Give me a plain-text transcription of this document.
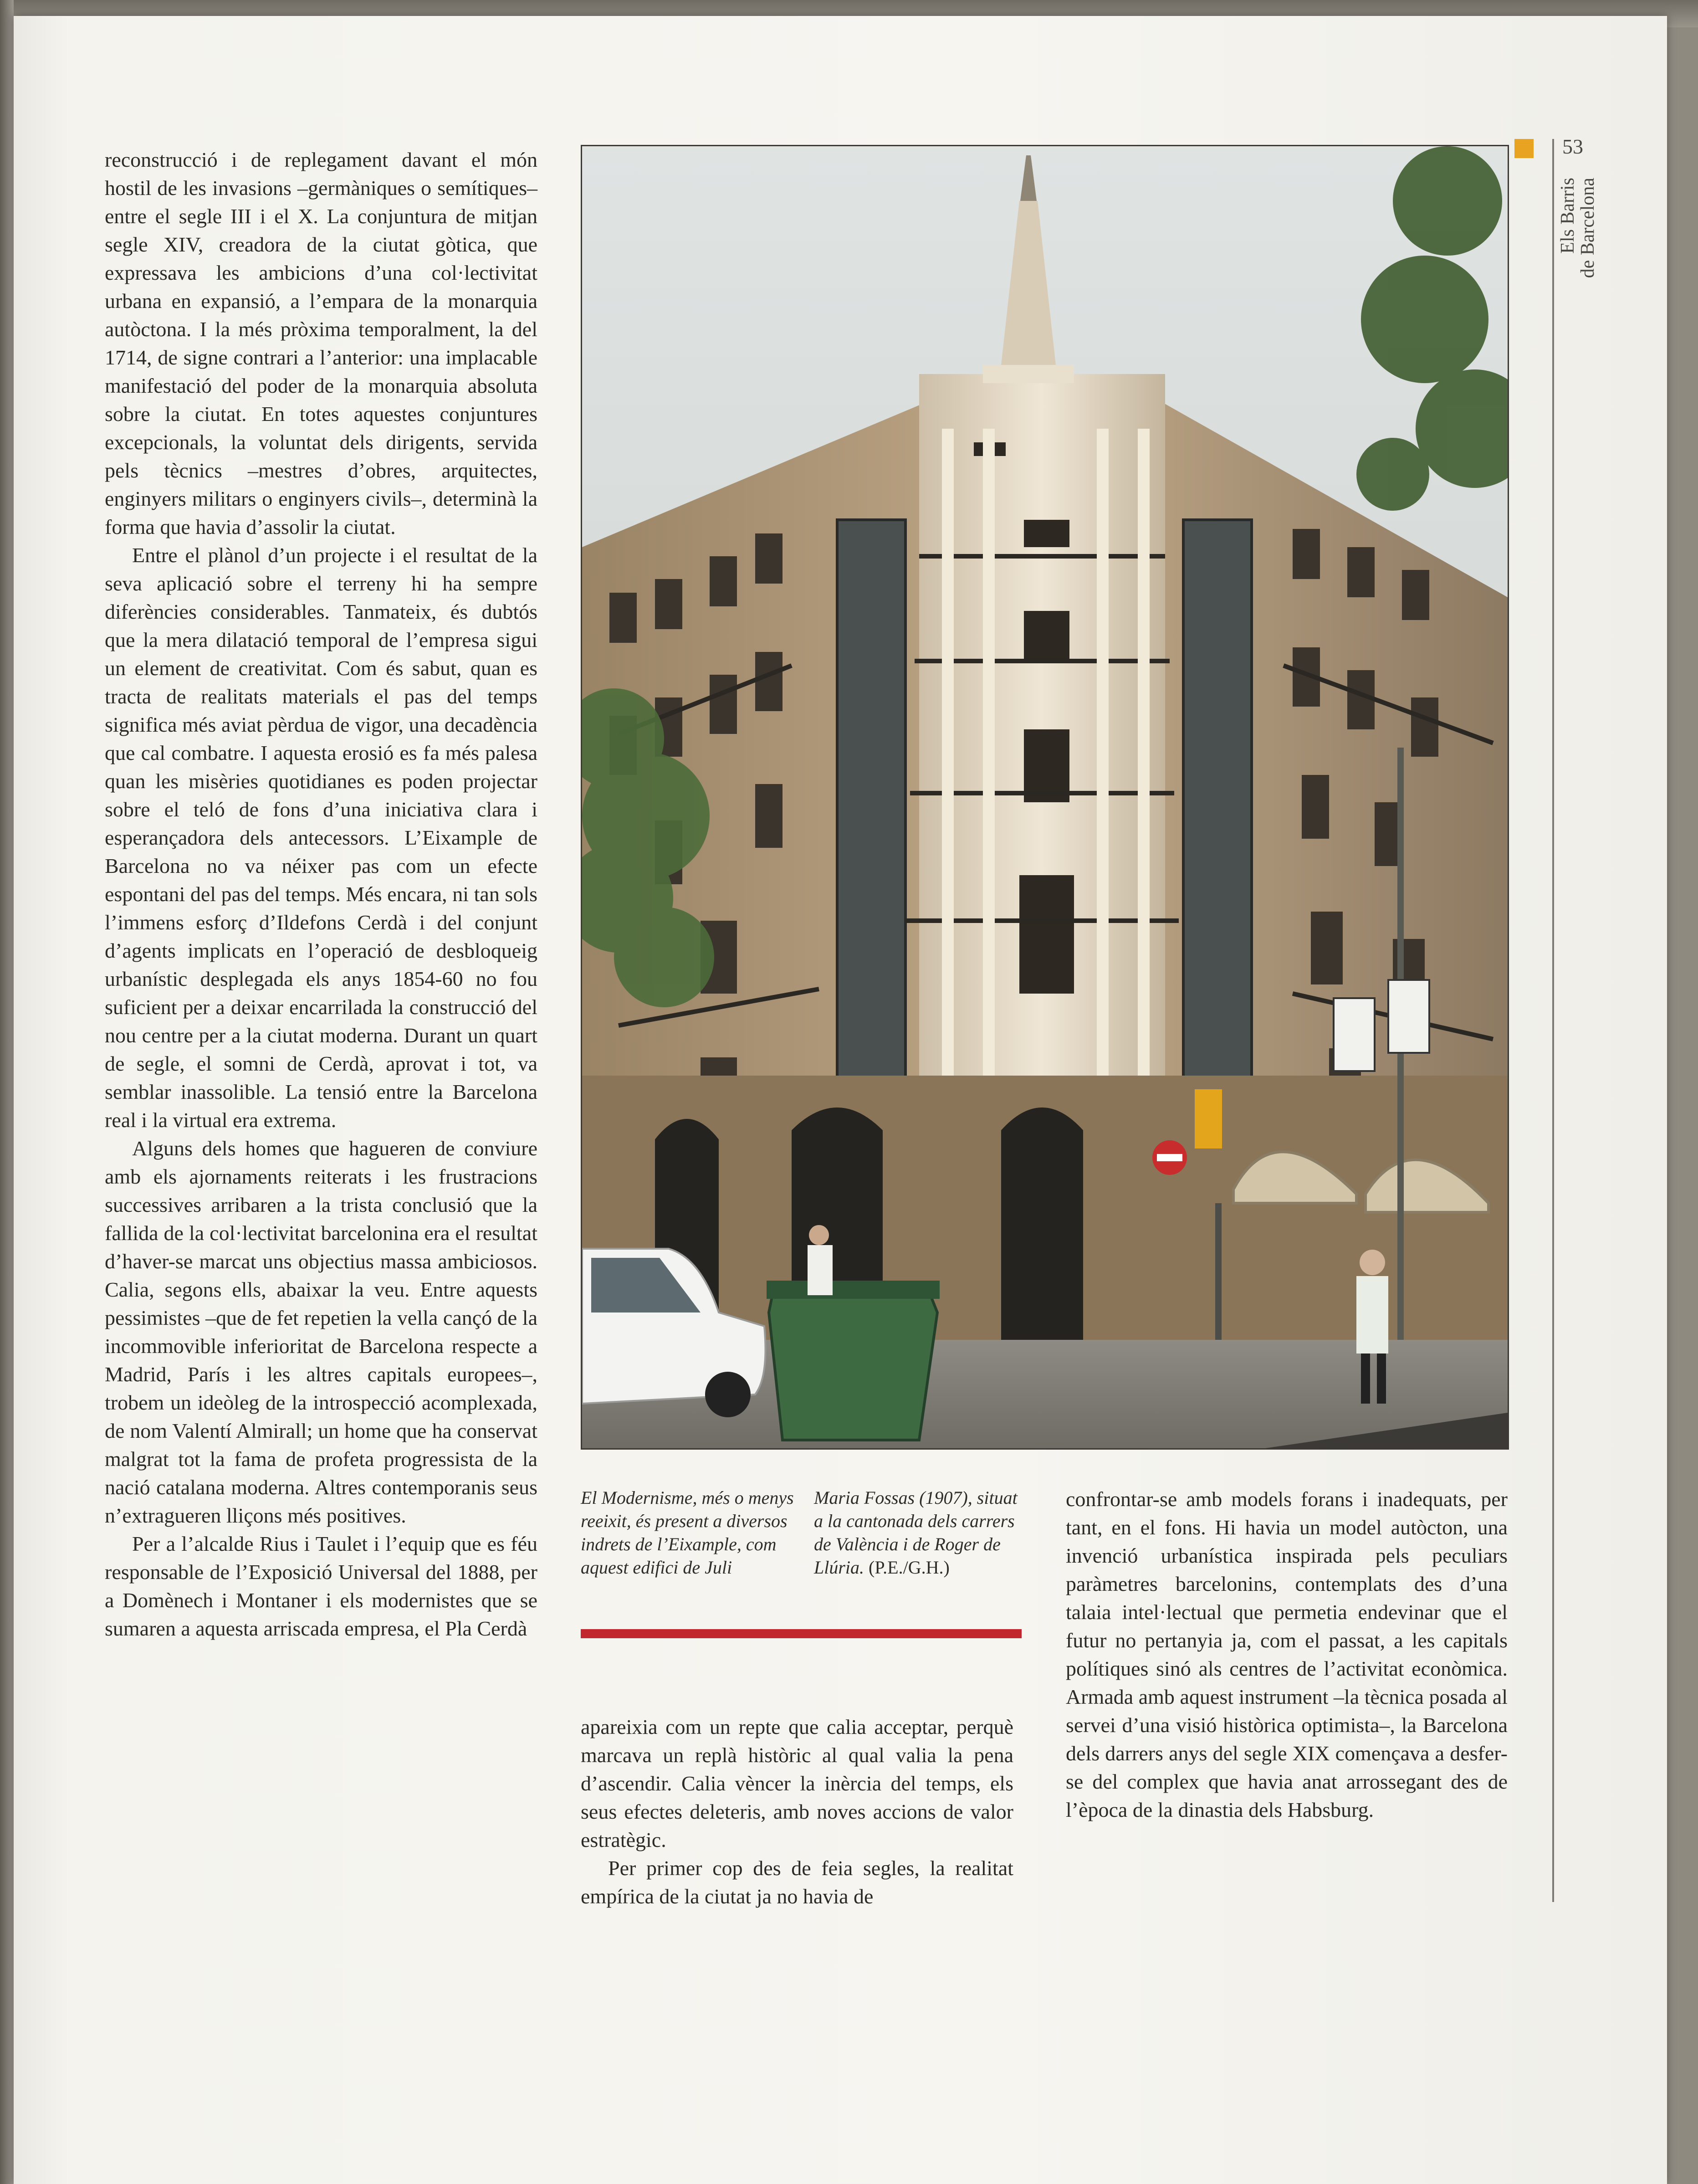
reconstrucció i de replegament davant el món hostil de les invasions –germàniques o semítiques– entre el segle III i el X. La conjuntura de mitjan segle XIV, creadora de la ciutat gòtica, que expressava les ambicions d’una col·lectivitat urbana en expansió, a l’empara de la monarquia autòctona. I la més pròxima temporalment, la del 1714, de signe contrari a l’anterior: una implacable manifestació del poder de la monarquia absoluta sobre la ciutat. En totes aquestes conjuntures excepcionals, la voluntat dels dirigents, servida pels tècnics –mestres d’obres, arquitectes, enginyers militars o enginyers civils–, determinà la forma que havia d’assolir la ciutat.

Entre el plànol d’un projecte i el resultat de la seva aplicació sobre el terreny hi ha sempre diferències considerables. Tanmateix, és dubtós que la mera dilatació temporal de l’empresa sigui un element de creativitat. Com és sabut, quan es tracta de realitats materials el pas del temps significa més aviat pèrdua de vigor, una decadència que cal combatre. I aquesta erosió es fa més palesa quan les misèries quotidianes es poden projectar sobre el teló de fons d’una iniciativa clara i esperançadora dels antecessors. L’Eixample de Barcelona no va néixer pas com un efecte espontani del pas del temps. Més encara, ni tan sols l’immens esforç d’Ildefons Cerdà i del conjunt d’agents implicats en l’operació de desbloqueig urbanístic desplegada els anys 1854-60 no fou suficient per a deixar encarrilada la construcció del nou centre per a la ciutat moderna. Durant un quart de segle, el somni de Cerdà, aprovat i tot, va semblar inassolible. La tensió entre la Barcelona real i la virtual era extrema.

Alguns dels homes que hagueren de conviure amb els ajornaments reiterats i les frustracions successives arribaren a la trista conclusió que la fallida de la col·lectivitat barcelonina era el resultat d’haver-se marcat uns objectius massa ambiciosos. Calia, segons ells, abaixar la veu. Entre aquests pessimistes –que de fet repetien la vella cançó de la incommovible inferioritat de Barcelona respecte a Madrid, París i les altres capitals europees–, trobem un ideòleg de la introspecció acomplexada, de nom Valentí Almirall; un home que ha conservat malgrat tot la fama de profeta progressista de la nació catalana moderna. Altres contemporanis seus n’extragueren lliçons més positives.

Per a l’alcalde Rius i Taulet i l’equip que es féu responsable de l’Exposició Universal del 1888, per a Domènech i Montaner i els modernistes que se sumaren a aquesta arriscada empresa, el Pla Cerdà

El Modernisme, més o menys reeixit, és present a diversos indrets de l’Eixample, com aquest edifici de Juli
Maria Fossas (1907), situat a la cantonada dels carrers de València i de Roger de Llúria. (P.E./G.H.)

apareixia com un repte que calia acceptar, perquè marcava un replà històric al qual valia la pena d’ascendir. Calia vèncer la inèrcia del temps, els seus efectes deleteris, amb noves accions de valor estratègic.

Per primer cop des de feia segles, la realitat empírica de la ciutat ja no havia de

confrontar-se amb models forans i inadequats, per tant, en el fons. Hi havia un model autòcton, una invenció urbanística inspirada pels peculiars paràmetres barcelonins, contemplats des d’una talaia intel·lectual que permetia endevinar que el futur no pertanyia ja, com el passat, a les capitals polítiques sinó als centres de l’activitat econòmica. Armada amb aquest instrument –la tècnica posada al servei d’una visió històrica optimista–, la Barcelona dels darrers anys del segle XIX començava a desfer-se del complex que havia anat arrossegant des de l’època de la dinastia dels Habsburg.

53
Els Barris
de Barcelona
